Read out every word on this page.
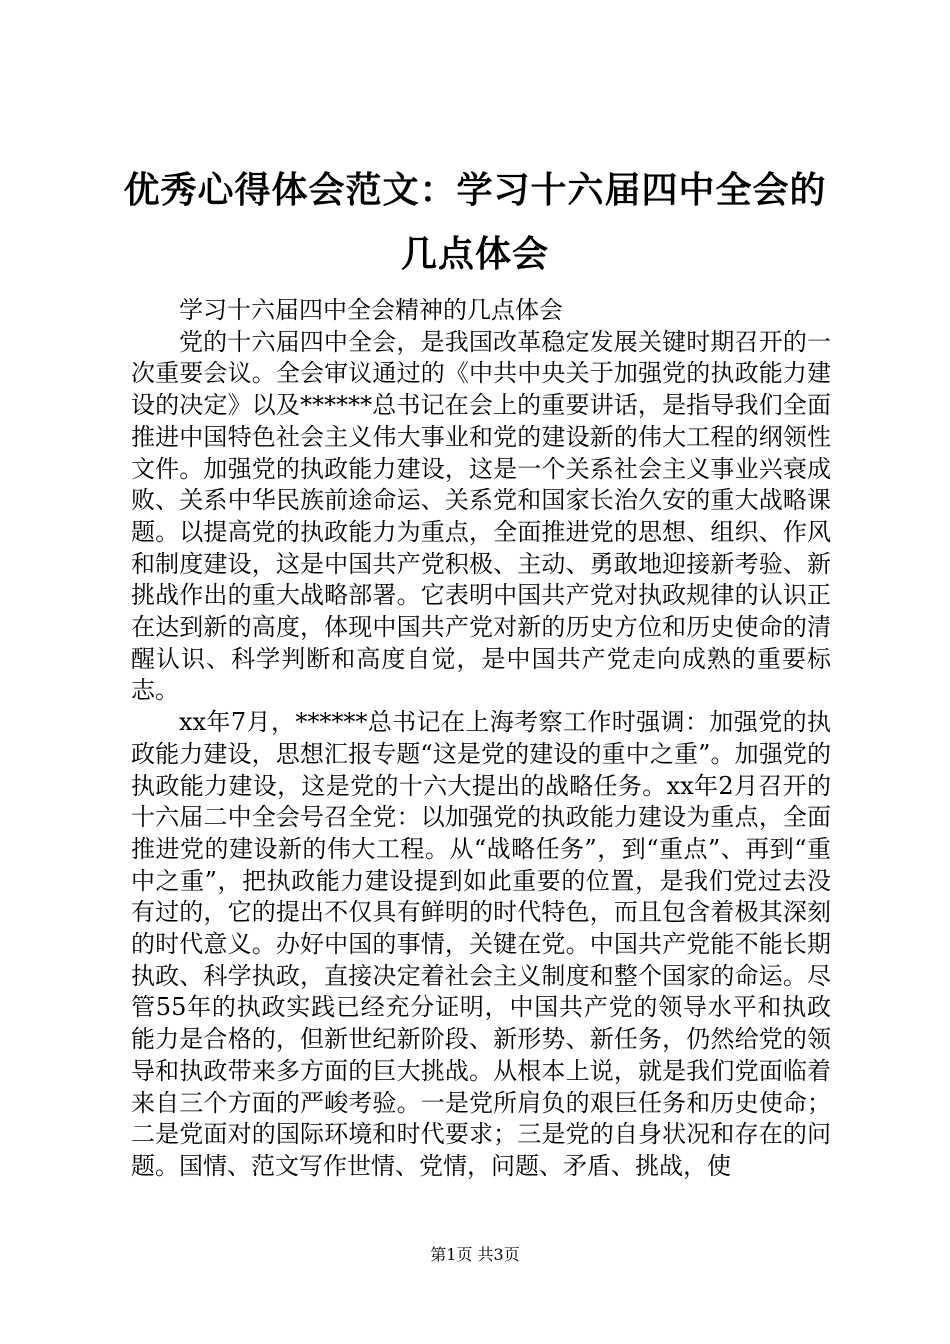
优秀心得体会范文：学习十六届四中全会的几点体会

学习十六届四中全会精神的几点体会

党的十六届四中全会，是我国改革稳定发展关键时期召开的一次重要会议。全会审议通过的《中共中央关于加强党的执政能力建设的决定》以及******总书记在会上的重要讲话，是指导我们全面推进中国特色社会主义伟大事业和党的建设新的伟大工程的纲领性文件。加强党的执政能力建设，这是一个关系社会主义事业兴衰成败、关系中华民族前途命运、关系党和国家长治久安的重大战略课题。以提高党的执政能力为重点，全面推进党的思想、组织、作风和制度建设，这是中国共产党积极、主动、勇敢地迎接新考验、新挑战作出的重大战略部署。它表明中国共产党对执政规律的认识正在达到新的高度，体现中国共产党对新的历史方位和历史使命的清醒认识、科学判断和高度自觉，是中国共产党走向成熟的重要标志。

xx年7月，******总书记在上海考察工作时强调：加强党的执政能力建设，思想汇报专题“这是党的建设的重中之重”。加强党的执政能力建设，这是党的十六大提出的战略任务。xx年2月召开的十六届二中全会号召全党：以加强党的执政能力建设为重点，全面推进党的建设新的伟大工程。从“战略任务”，到“重点”、再到“重中之重”，把执政能力建设提到如此重要的位置，是我们党过去没有过的，它的提出不仅具有鲜明的时代特色，而且包含着极其深刻的时代意义。办好中国的事情，关键在党。中国共产党能不能长期执政、科学执政，直接决定着社会主义制度和整个国家的命运。尽管55年的执政实践已经充分证明，中国共产党的领导水平和执政能力是合格的，但新世纪新阶段、新形势、新任务，仍然给党的领导和执政带来多方面的巨大挑战。从根本上说，就是我们党面临着来自三个方面的严峻考验。一是党所肩负的艰巨任务和历史使命；二是党面对的国际环境和时代要求；三是党的自身状况和存在的问题。国情、范文写作世情、党情，问题、矛盾、挑战，使

第1页 共3页
